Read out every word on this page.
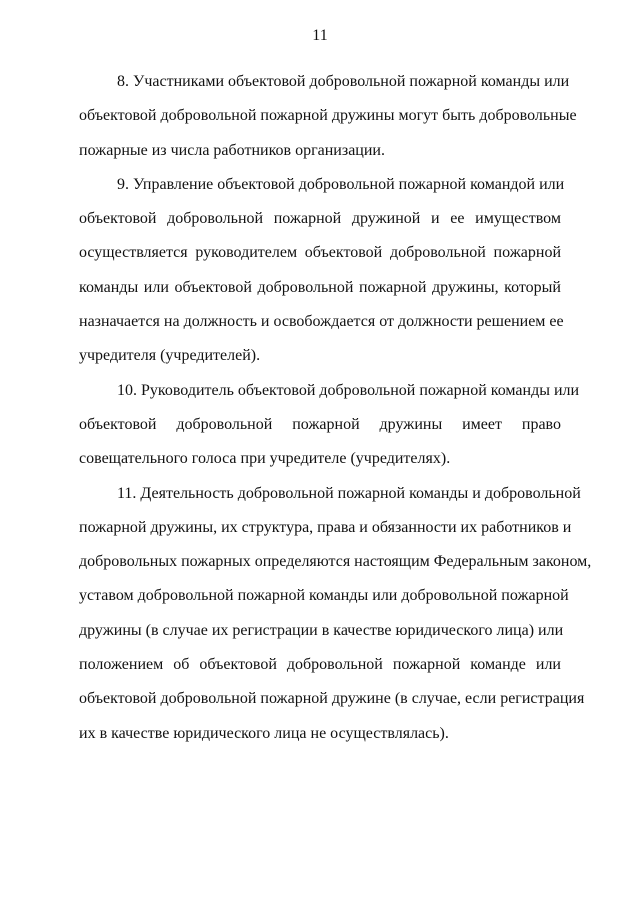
11
8. Участниками объектовой добровольной пожарной команды или
объектовой добровольной пожарной дружины могут быть добровольные
пожарные из числа работников организации.
9. Управление объектовой добровольной пожарной командой или
объектовой добровольной пожарной дружиной и ее имуществом
осуществляется руководителем объектовой добровольной пожарной
команды или объектовой добровольной пожарной дружины, который
назначается на должность и освобождается от должности решением ее
учредителя (учредителей).
10. Руководитель объектовой добровольной пожарной команды или
объектовой добровольной пожарной дружины имеет право
совещательного голоса при учредителе (учредителях).
11. Деятельность добровольной пожарной команды и добровольной
пожарной дружины, их структура, права и обязанности их работников и
добровольных пожарных определяются настоящим Федеральным законом,
уставом добровольной пожарной команды или добровольной пожарной
дружины (в случае их регистрации в качестве юридического лица) или
положением об объектовой добровольной пожарной команде или
объектовой добровольной пожарной дружине (в случае, если регистрация
их в качестве юридического лица не осуществлялась).
